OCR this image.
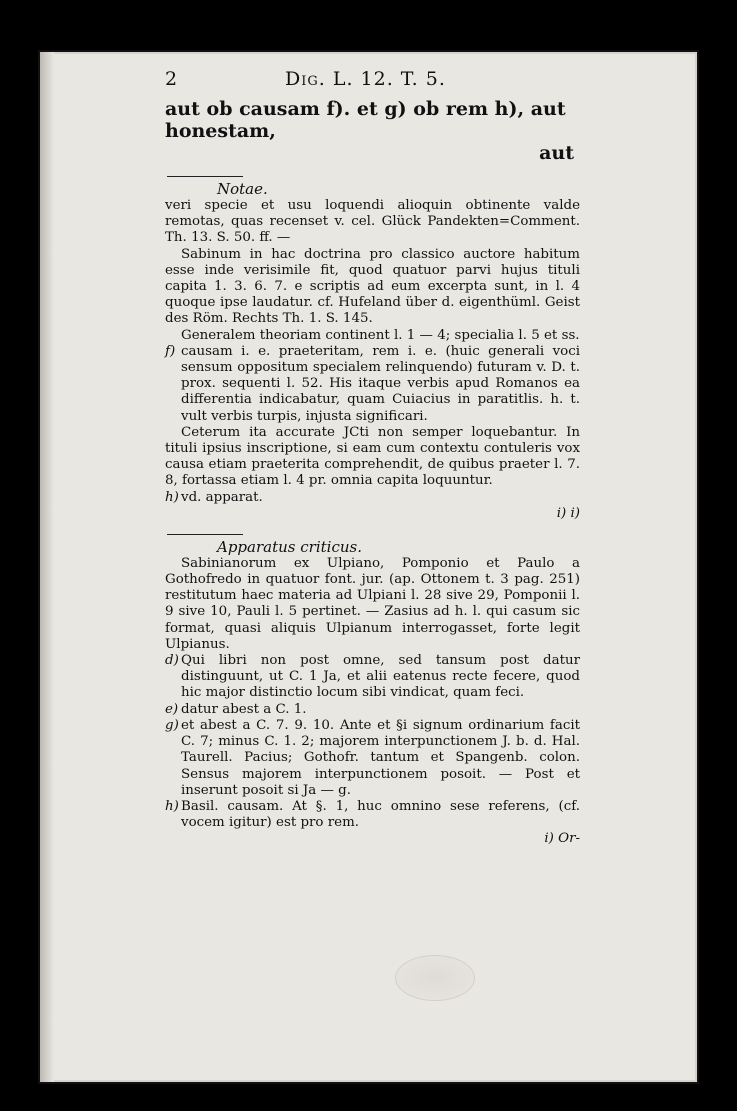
2	Dig. L. 12. T. 5.
aut ob causam f). et g) ob rem h), aut honestam,
aut
Notae.

veri specie et usu loquendi alioquin obtinente valde remotas, quas recenset v. cel. Glück Pandekten=Comment. Th. 13. S. 50. ff. —

Sabinum in hac doctrina pro classico auctore habitum esse inde verisimile fit, quod quatuor parvi hujus tituli capita 1. 3. 6. 7. e scriptis ad eum excerpta sunt, in l. 4 quoque ipse laudatur. cf. Hufeland über d. eigenthüml. Geist des Röm. Rechts Th. 1. S. 145.

Generalem theoriam continent l. 1 — 4; specialia l. 5 et ss.

f) causam i. e. praeteritam, rem i. e. (huic generali voci sensum oppositum specialem relinquendo) futuram v. D. t. prox. sequenti l. 52. His itaque verbis apud Romanos ea differentia indicabatur, quam Cuiacius in paratitlis. h. t. vult verbis turpis, injusta significari.

Ceterum ita accurate JCti non semper loquebantur. In tituli ipsius inscriptione, si eam cum contextu contuleris vox causa etiam praeterita comprehendit, de quibus praeter l. 7. 8, fortassa etiam l. 4 pr. omnia capita loquuntur.

h) vd. apparat.

i) i)
Apparatus criticus.

Sabinianorum ex Ulpiano, Pomponio et Paulo a Gothofredo in quatuor font. jur. (ap. Ottonem t. 3 pag. 251) restitutum haec materia ad Ulpiani l. 28 sive 29, Pomponii l. 9 sive 10, Pauli l. 5 pertinet. — Zasius ad h. l. qui casum sic format, quasi aliquis Ulpianum interrogasset, forte legit Ulpianus.

d) Qui libri non post omne, sed tansum post datur distinguunt, ut C. 1 Ja, et alii eatenus recte fecere, quod hic major distinctio locum sibi vindicat, quam feci.

e) datur abest a C. 1.

g) et abest a C. 7. 9. 10. Ante et §i signum ordinarium facit C. 7; minus C. 1. 2; majorem interpunctionem J. b. d. Hal. Taurell. Pacius; Gothofr. tantum et Spangenb. colon. Sensus majorem interpunctionem posoit. — Post et inserunt posoit si Ja — g.

h) Basil. causam. At §. 1, huc omnino sese referens, (cf. vocem igitur) est pro rem.

i) Or-
